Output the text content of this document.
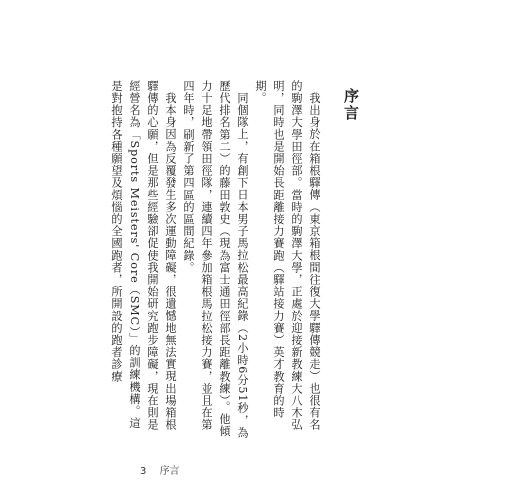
序言

我出身於在箱根驛傳（東京箱根間往復大學驛傳競走）也很有名的駒澤大學田徑部。當時的駒澤大學，正處於迎接新教練大八木弘明，同時也是開始長距離接力賽跑（驛站接力賽）英才教育的時期。

同個隊上，有創下日本男子馬拉松最高紀錄（2小時6分51秒，為歷代排名第二）的藤田敦史（現為富士通田徑部長距離教練）。他傾力十足地帶領田徑隊，連續四年參加箱根馬拉松接力賽，並且在第四年時，刷新了第四區的區間紀錄。

我本身因為反覆發生多次運動障礙，很遺憾地無法實現出場箱根驛傳的心願，但是那些經驗卻促使我開始研究跑步障礙，現在則是經營名為「Sports Meisters' Core（SMC）」的訓練機構。這是對抱持各種願望及煩惱的全國跑者，所開設的跑者診療

3 序言
